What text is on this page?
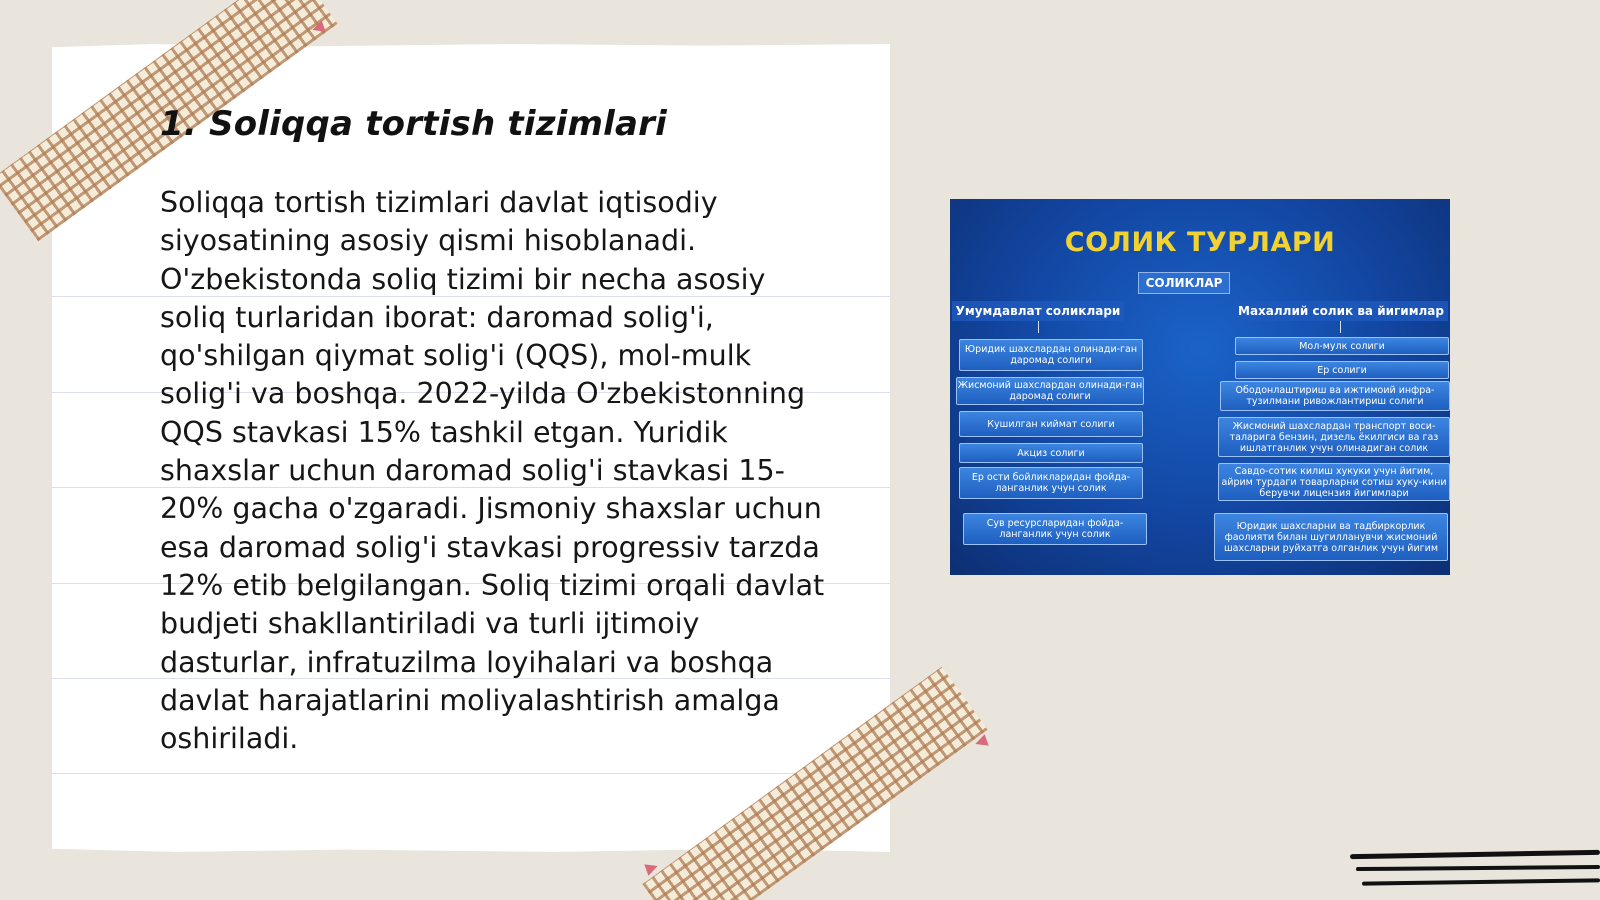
1. Soliqqa tortish tizimlari

Soliqqa tortish tizimlari davlat iqtisodiy siyosatining asosiy qismi hisoblanadi. O'zbekistonda soliq tizimi bir necha asosiy soliq turlaridan iborat: daromad solig'i, qo'shilgan qiymat solig'i (QQS), mol-mulk solig'i va boshqa. 2022-yilda O'zbekistonning QQS stavkasi 15% tashkil etgan. Yuridik shaxslar uchun daromad solig'i stavkasi 15-20% gacha o'zgaradi. Jismoniy shaxslar uchun esa daromad solig'i stavkasi progressiv tarzda 12% etib belgilangan. Soliq tizimi orqali davlat budjeti shakllantiriladi va turli ijtimoiy dasturlar, infratuzilma loyihalari va boshqa davlat harajatlarini moliyalashtirish amalga oshiriladi.

СОЛИК ТУРЛАРИ
СОЛИКЛАР
Умумдавлат соликлари	Махаллий солик ва йигимлар
Юридик шахслардан олинади-ган даромад солиги
Жисмоний шахслардан олинади-ган даромад солиги
Кушилган киймат солиги
Акциз солиги
Ер ости бойликларидан фойда-ланганлик учун солик
Сув ресурсларидан фойда-ланганлик учун солик
Мол-мулк солиги
Ер солиги
Ободонлаштириш ва ижтимоий инфра-тузилмани ривожлантириш солиги
Жисмоний шахслардан транспорт воси-таларига бензин, дизель ёкилгиси ва газ ишлатганлик учун олинадиган солик
Савдо-сотик килиш хукуки учун йигим, айрим турдаги товарларни сотиш хуку-кини берувчи лицензия йигимлари
Юридик шахсларни ва тадбиркорлик фаолияти билан шугилланувчи жисмоний шахсларни руйхатга олганлик учун йигим
